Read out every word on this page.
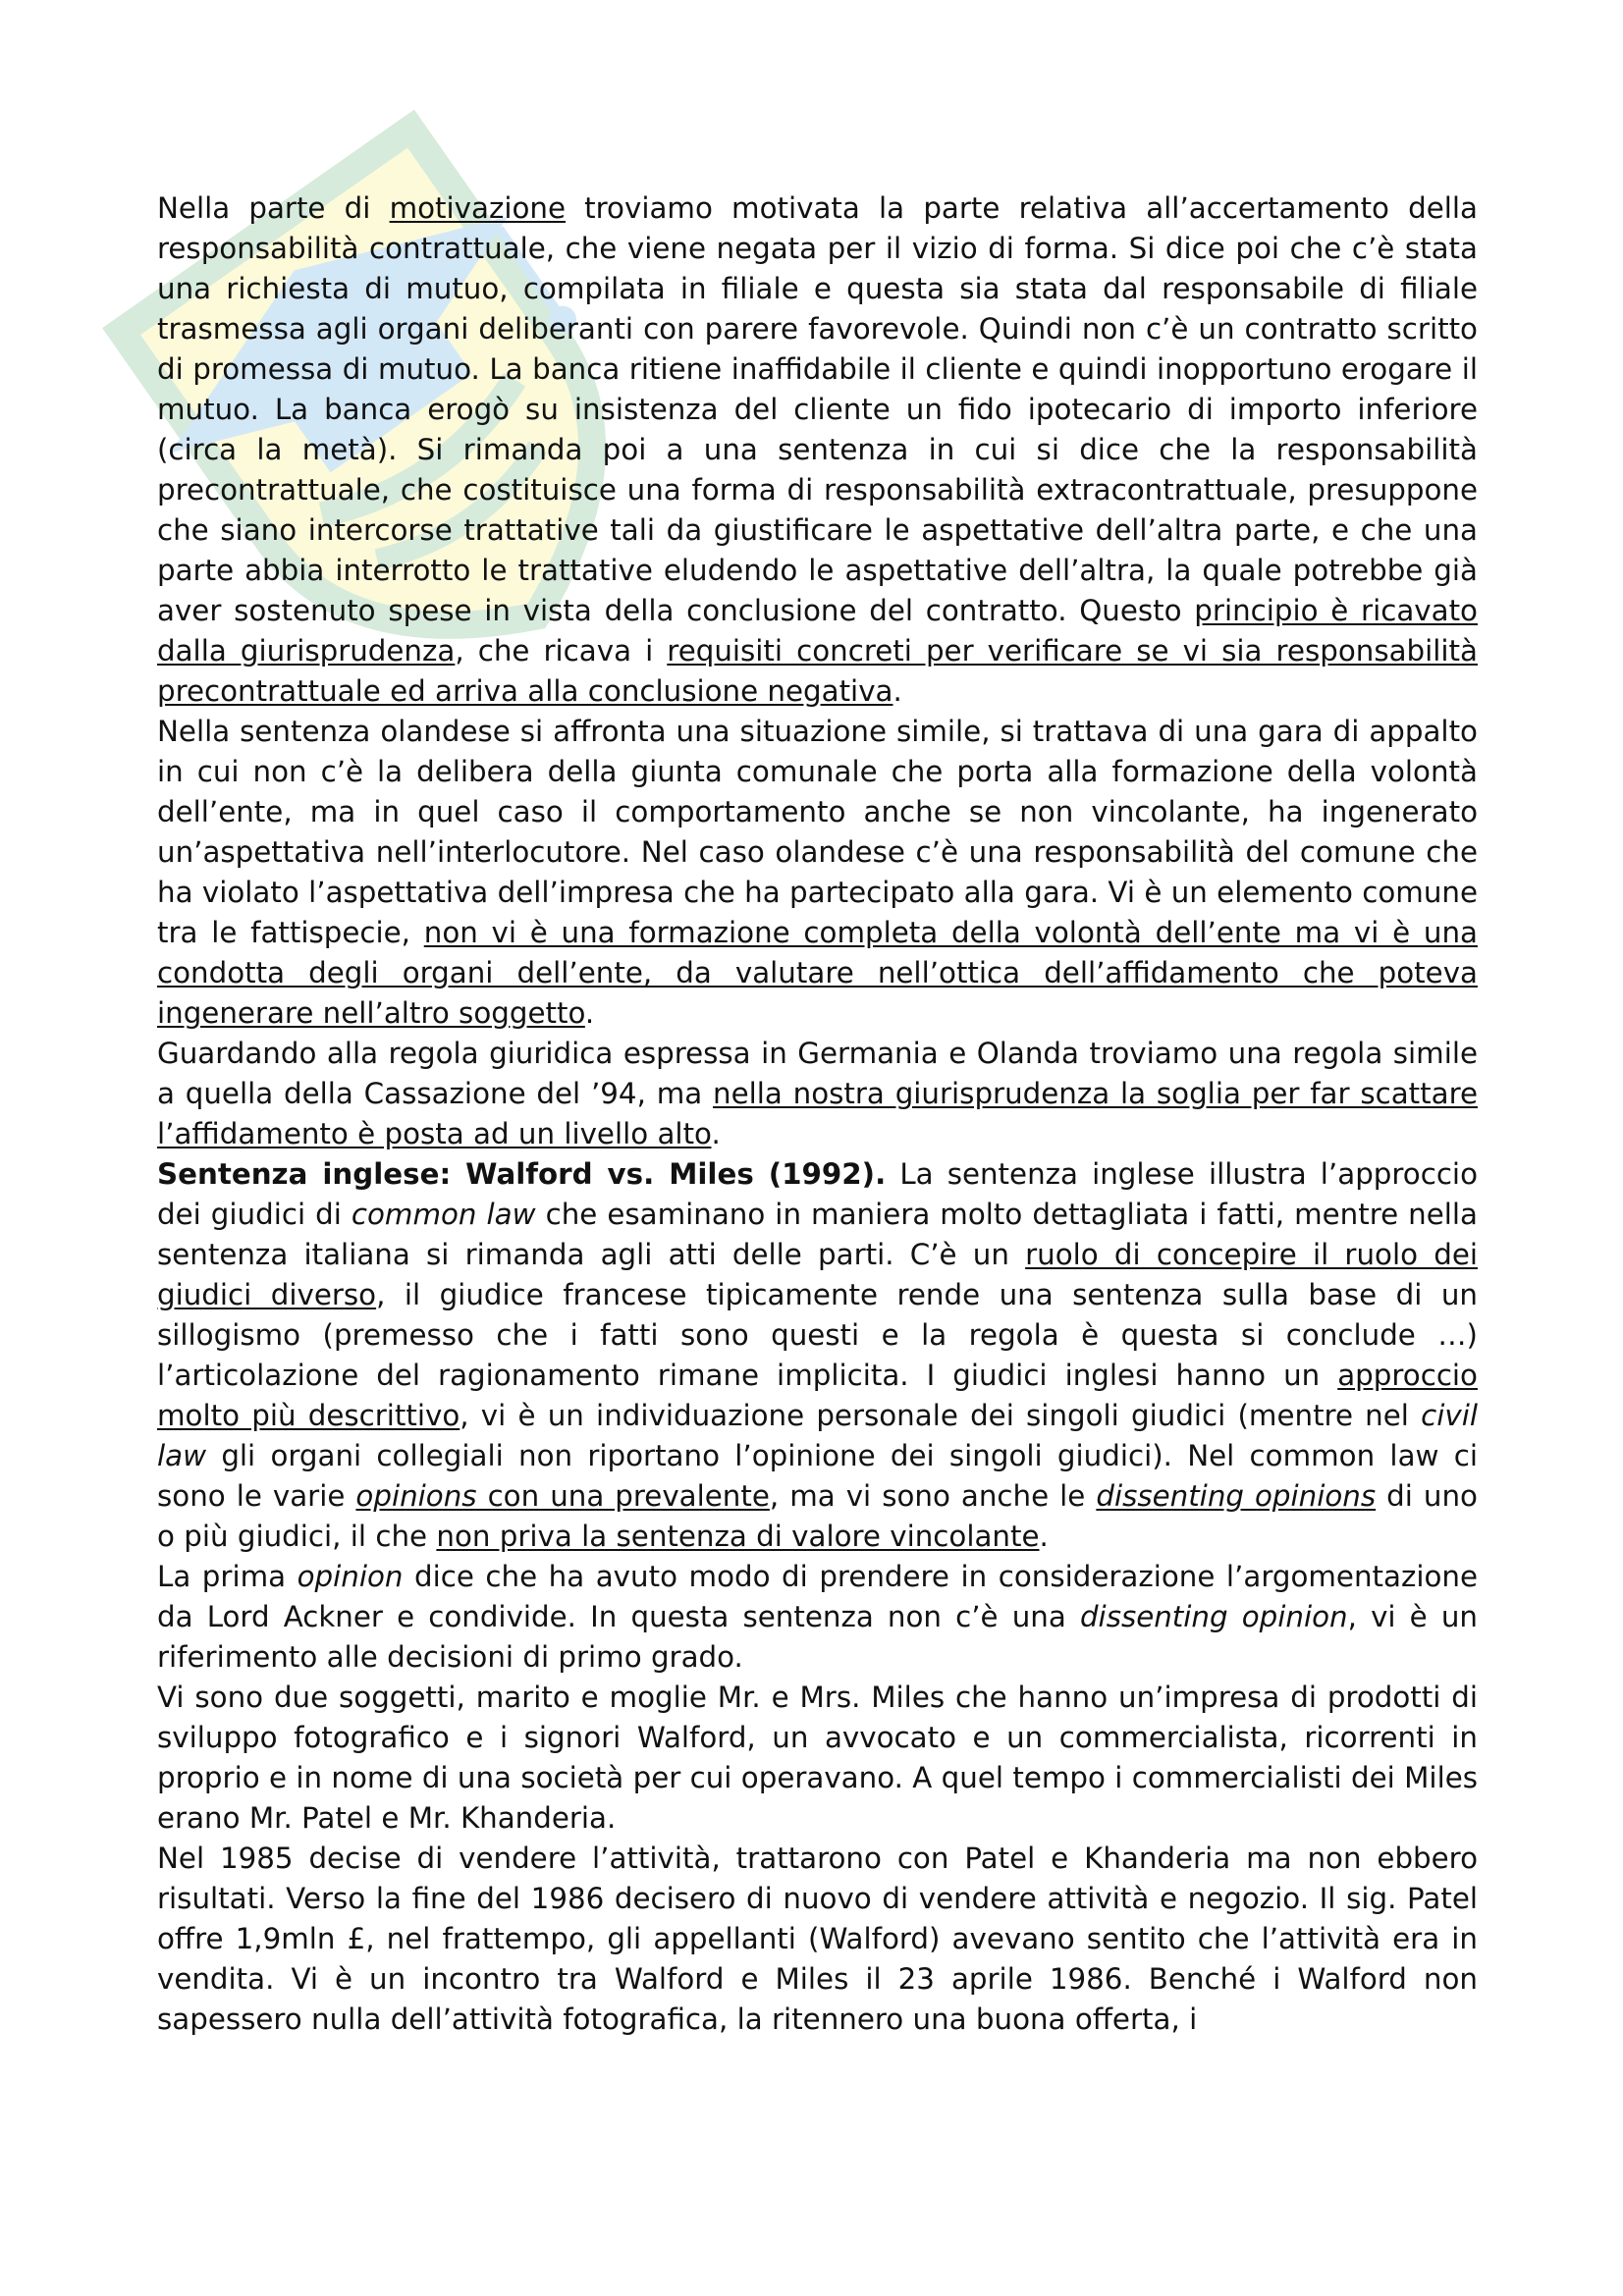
Nella parte di motivazione troviamo motivata la parte relativa all’accertamento della responsabilità contrattuale, che viene negata per il vizio di forma. Si dice poi che c’è stata una richiesta di mutuo, compilata in filiale e questa sia stata dal responsabile di filiale trasmessa agli organi deliberanti con parere favorevole. Quindi non c’è un contratto scritto di promessa di mutuo. La banca ritiene inaffidabile il cliente e quindi inopportuno erogare il mutuo. La banca erogò su insistenza del cliente un fido ipotecario di importo inferiore (circa la metà). Si rimanda poi a una sentenza in cui si dice che la responsabilità precontrattuale, che costituisce una forma di responsabilità extracontrattuale, presuppone che siano intercorse trattative tali da giustificare le aspettative dell’altra parte, e che una parte abbia interrotto le trattative eludendo le aspettative dell’altra, la quale potrebbe già aver sostenuto spese in vista della conclusione del contratto. Questo principio è ricavato dalla giurisprudenza, che ricava i requisiti concreti per verificare se vi sia responsabilità precontrattuale ed arriva alla conclusione negativa.

Nella sentenza olandese si affronta una situazione simile, si trattava di una gara di appalto in cui non c’è la delibera della giunta comunale che porta alla formazione della volontà dell’ente, ma in quel caso il comportamento anche se non vincolante, ha ingenerato un’aspettativa nell’interlocutore. Nel caso olandese c’è una responsabilità del comune che ha violato l’aspettativa dell’impresa che ha partecipato alla gara. Vi è un elemento comune tra le fattispecie, non vi è una formazione completa della volontà dell’ente ma vi è una condotta degli organi dell’ente, da valutare nell’ottica dell’affidamento che poteva ingenerare nell’altro soggetto.

Guardando alla regola giuridica espressa in Germania e Olanda troviamo una regola simile a quella della Cassazione del ’94, ma nella nostra giurisprudenza la soglia per far scattare l’affidamento è posta ad un livello alto.

Sentenza inglese: Walford vs. Miles (1992). La sentenza inglese illustra l’approccio dei giudici di common law che esaminano in maniera molto dettagliata i fatti, mentre nella sentenza italiana si rimanda agli atti delle parti. C’è un ruolo di concepire il ruolo dei giudici diverso, il giudice francese tipicamente rende una sentenza sulla base di un sillogismo (premesso che i fatti sono questi e la regola è questa si conclude …) l’articolazione del ragionamento rimane implicita. I giudici inglesi hanno un approccio molto più descrittivo, vi è un individuazione personale dei singoli giudici (mentre nel civil law gli organi collegiali non riportano l’opinione dei singoli giudici). Nel common law ci sono le varie opinions con una prevalente, ma vi sono anche le dissenting opinions di uno o più giudici, il che non priva la sentenza di valore vincolante.

La prima opinion dice che ha avuto modo di prendere in considerazione l’argomentazione da Lord Ackner e condivide. In questa sentenza non c’è una dissenting opinion, vi è un riferimento alle decisioni di primo grado.

Vi sono due soggetti, marito e moglie Mr. e Mrs. Miles che hanno un’impresa di prodotti di sviluppo fotografico e i signori Walford, un avvocato e un commercialista, ricorrenti in proprio e in nome di una società per cui operavano. A quel tempo i commercialisti dei Miles erano Mr. Patel e Mr. Khanderia.

Nel 1985 decise di vendere l’attività, trattarono con Patel e Khanderia ma non ebbero risultati. Verso la fine del 1986 decisero di nuovo di vendere attività e negozio. Il sig. Patel offre 1,9mln £, nel frattempo, gli appellanti (Walford) avevano sentito che l’attività era in vendita. Vi è un incontro tra Walford e Miles il 23 aprile 1986. Benché i Walford non sapessero nulla dell’attività fotografica, la ritennero una buona offerta, i
